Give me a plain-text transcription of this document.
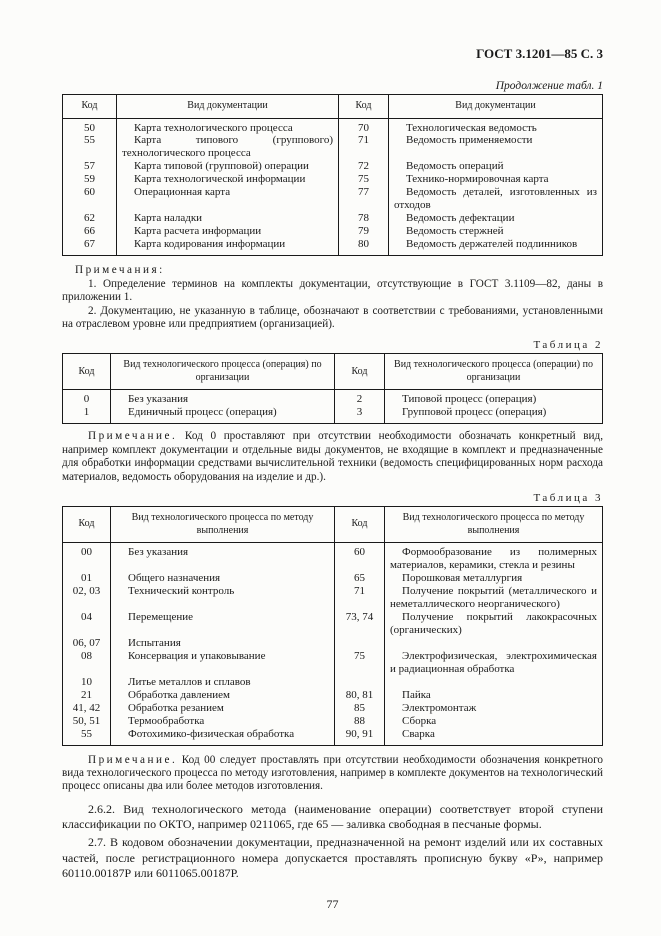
ГОСТ 3.1201—85 С. 3
Продолжение табл. 1
Код	Вид документации	Код	Вид документации
50	Карта технологического процесса	70	Технологическая ведомость
55	Карта типового (группового) технологического процесса	71	Ведомость применяемости
57	Карта типовой (групповой) операции	72	Ведомость операций
59	Карта технологической информации	75	Технико-нормировочная карта
60	Операционная карта	77	Ведомость деталей, изготовленных из отходов
62	Карта наладки	78	Ведомость дефектации
66	Карта расчета информации	79	Ведомость стержней
67	Карта кодирования информации	80	Ведомость держателей подлинников
Примечания:

1. Определение терминов на комплекты документации, отсутствующие в ГОСТ 3.1109—82, даны в приложении 1.

2. Документацию, не указанную в таблице, обозначают в соответствии с требованиями, установленными на отраслевом уровне или предприятием (организацией).

Таблица 2
Код	Вид технологического процесса (операция) по организации	Код	Вид технологического процесса (операции) по организации
0	Без указания	2	Типовой процесс (операция)
1	Единичный процесс (операция)	3	Групповой процесс (операция)

Примечание. Код 0 проставляют при отсутствии необходимости обозначать конкретный вид, например комплект документации и отдельные виды документов, не входящие в комплект и предназначенные для обработки информации средствами вычислительной техники (ведомость специфицированных норм расхода материалов, ведомость оборудования на изделие и др.).

Таблица 3
Код	Вид технологического процесса по методу выполнения	Код	Вид технологического процесса по методу выполнения
00	Без указания	60	Формообразование из полимерных материалов, керамики, стекла и резины
01	Общего назначения	65	Порошковая металлургия
02, 03	Технический контроль	71	Получение покрытий (металлического и неметаллического неорганического)
04	Перемещение	73, 74	Получение покрытий лакокрасочных (органических)
06, 07	Испытания		
08	Консервация и упаковывание	75	Электрофизическая, электрохимическая и радиационная обработка
10	Литье металлов и сплавов		
21	Обработка давлением	80, 81	Пайка
41, 42	Обработка резанием	85	Электромонтаж
50, 51	Термообработка	88	Сборка
55	Фотохимико-физическая обработка	90, 91	Сварка

Примечание. Код 00 следует проставлять при отсутствии необходимости обозначения конкретного вида технологического процесса по методу изготовления, например в комплекте документов на технологический процесс описаны два или более методов изготовления.

2.6.2. Вид технологического метода (наименование операции) соответствует второй ступени классификации по ОКТО, например 0211065, где 65 — заливка свободная в песчаные формы.

2.7. В кодовом обозначении документации, предназначенной на ремонт изделий или их составных частей, после регистрационного номера допускается проставлять прописную букву «Р», например 60110.00187Р или 6011065.00187Р.

77
